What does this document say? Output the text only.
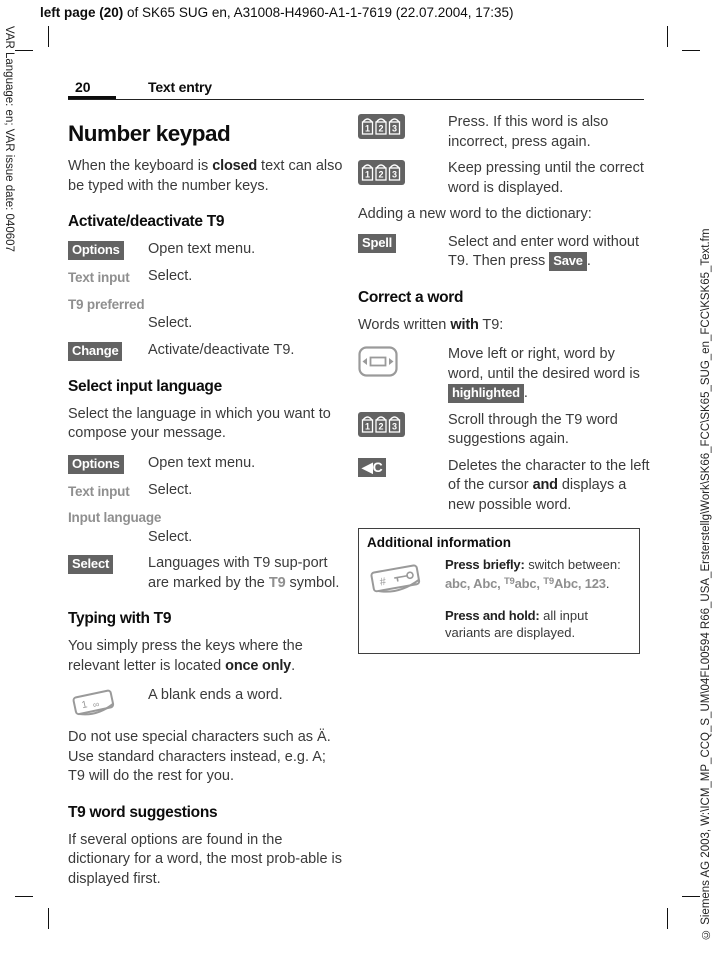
left page (20) of SK65 SUG en, A31008-H4960-A1-1-7619 (22.07.2004, 17:35)
VAR Language: en; VAR issue date: 040607
© Siemens AG 2003, W:\ICM_MP_CCQ_S_UM\04FL00594 R66_USA_Ersterstellg\Work\SK66_FCC\SK65_SUG_en_FCC\KSK65_Text.fm
20	Text entry
Number keypad

When the keyboard is closed text can also be typed with the number keys.

Activate/deactivate T9
Options	Open text menu.
Text input	Select.
T9 preferred
Select.
Change	Activate/deactivate T9.
Select input language

Select the language in which you want to compose your message.

Options	Open text menu.
Text input	Select.
Input language
Select.
Select	Languages with T9 sup-port are marked by the T9 symbol.
Typing with T9

You simply press the keys where the relevant letter is located once only.

1 ∞
A blank ends a word.

Do not use special characters such as Ä. Use standard characters instead, e.g. A; T9 will do the rest for you.

T9 word suggestions

If several options are found in the dictionary for a word, the most prob-able is displayed first.

1 2 3	Press. If this word is also incorrect, press again.
1 2 3	Keep pressing until the correct word is displayed.

Adding a new word to the dictionary:

Spell	Select and enter word without T9. Then press Save .
Correct a word

Words written with T9:

Move left or right, word by word, until the desired word is highlighted .
1 2 3	Scroll through the T9 word suggestions again.
◀C	Deletes the character to the left of the cursor and displays a new possible word.
Additional information
#
Press briefly: switch between: abc, Abc, $^{T9}$abc, $^{T9}$Abc, 123.
Press and hold: all input variants are displayed.
